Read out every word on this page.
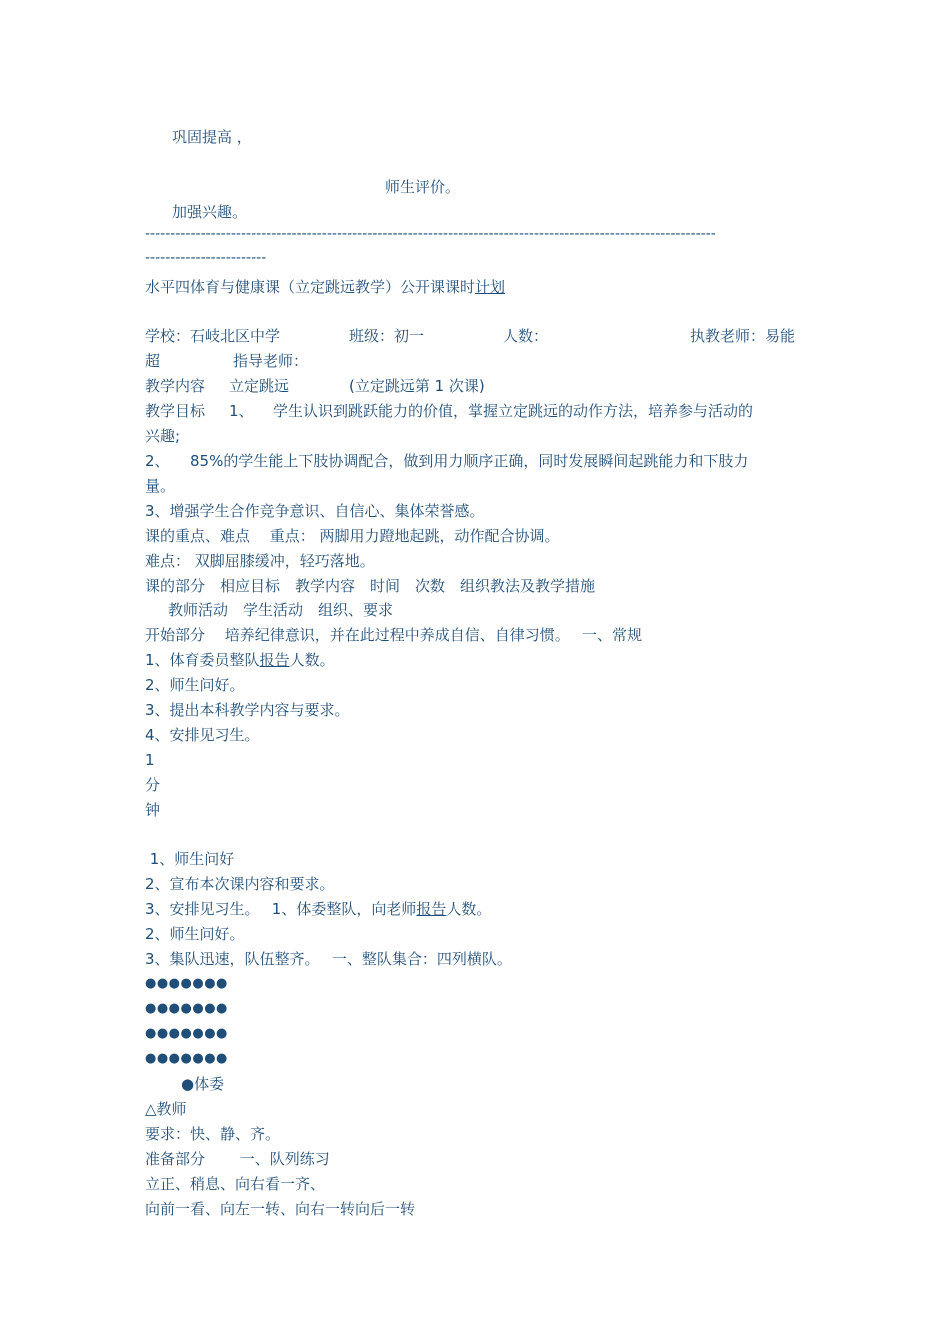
巩固提高 ，
师生评价。
加强兴趣。
-----------------------------------------------------------------------------------------------------------------
------------------------
水平四体育与健康课（立定跳远教学）公开课课时计划
学校：石岐北区中学	班级：初一	人数：	执教老师：易能
超	指导老师：
教学内容 立定跳远	(立定跳远第 1 次课)
教学目标 1、 学生认识到跳跃能力的价值，掌握立定跳远的动作方法，培养参与活动的
兴趣;
2、 85%的学生能上下肢协调配合，做到用力顺序正确，同时发展瞬间起跳能力和下肢力
量。
3、增强学生合作竞争意识、自信心、集体荣誉感。
课的重点、难点　 重点： 两脚用力蹬地起跳，动作配合协调。
难点： 双脚屈膝缓冲，轻巧落地。
课的部分　相应目标　教学内容　时间　次数　组织教法及教学措施
教师活动　学生活动　组织、要求
开始部分　 培养纪律意识，并在此过程中养成自信、自律习惯。　 一、常规
1、体育委员整队报告人数。
2、师生问好。
3、提出本科教学内容与要求。
4、安排见习生。
1
分
钟
1、师生问好
2、宣布本次课内容和要求。
3、安排见习生。　 1、体委整队，向老师报告人数。
2、师生问好。
3、集队迅速，队伍整齐。　 一、整队集合：四列横队。
●●●●●●●
●●●●●●●
●●●●●●●
●●●●●●●
●体委
△教师
要求：快、静、齐。
准备部分　　 一、队列练习
立正、稍息、向右看一齐、
向前一看、向左一转、向右一转向后一转
